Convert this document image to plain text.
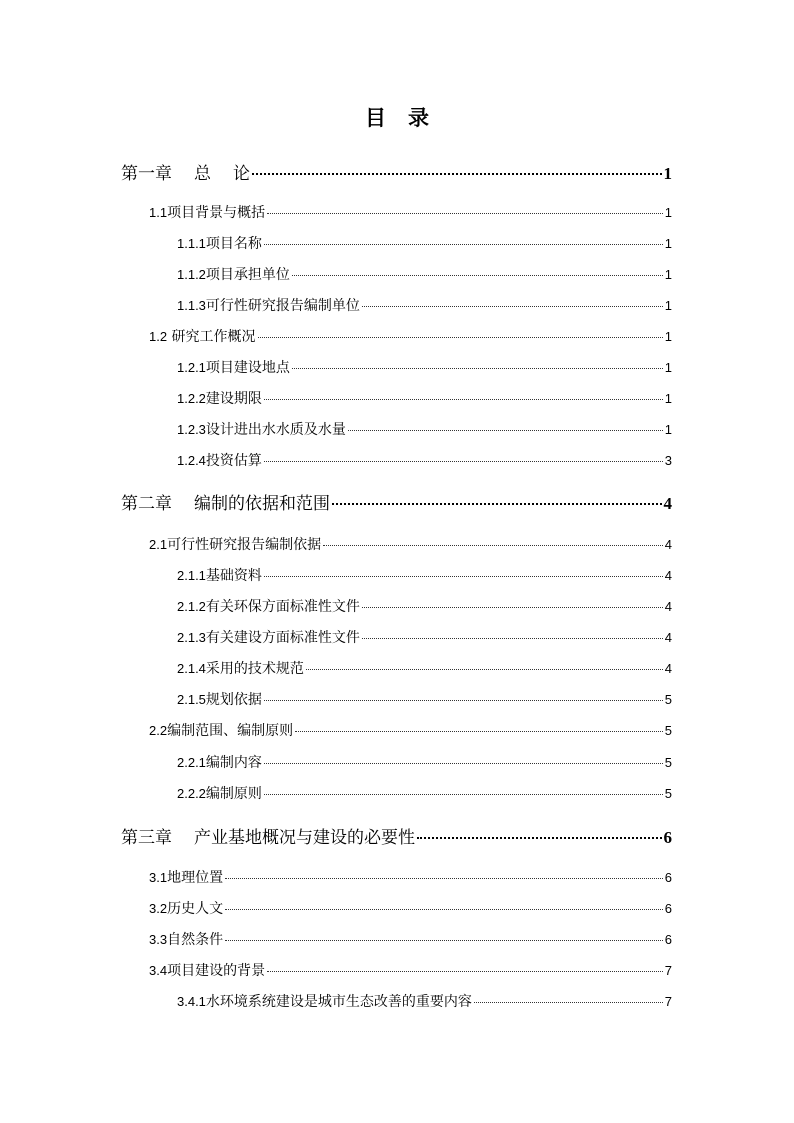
目 录
第一章 总 论	1
1.1项目背景与概括	1
1.1.1项目名称	1
1.1.2项目承担单位	1
1.1.3可行性研究报告编制单位	1
1.2 研究工作概况	1
1.2.1项目建设地点	1
1.2.2建设期限	1
1.2.3设计进出水水质及水量	1
1.2.4投资估算	3
第二章 编制的依据和范围	4
2.1可行性研究报告编制依据	4
2.1.1基础资料	4
2.1.2有关环保方面标准性文件	4
2.1.3有关建设方面标准性文件	4
2.1.4采用的技术规范	4
2.1.5规划依据	5
2.2编制范围、编制原则	5
2.2.1编制内容	5
2.2.2编制原则	5
第三章 产业基地概况与建设的必要性	6
3.1地理位置	6
3.2历史人文	6
3.3自然条件	6
3.4项目建设的背景	7
3.4.1水环境系统建设是城市生态改善的重要内容	7
